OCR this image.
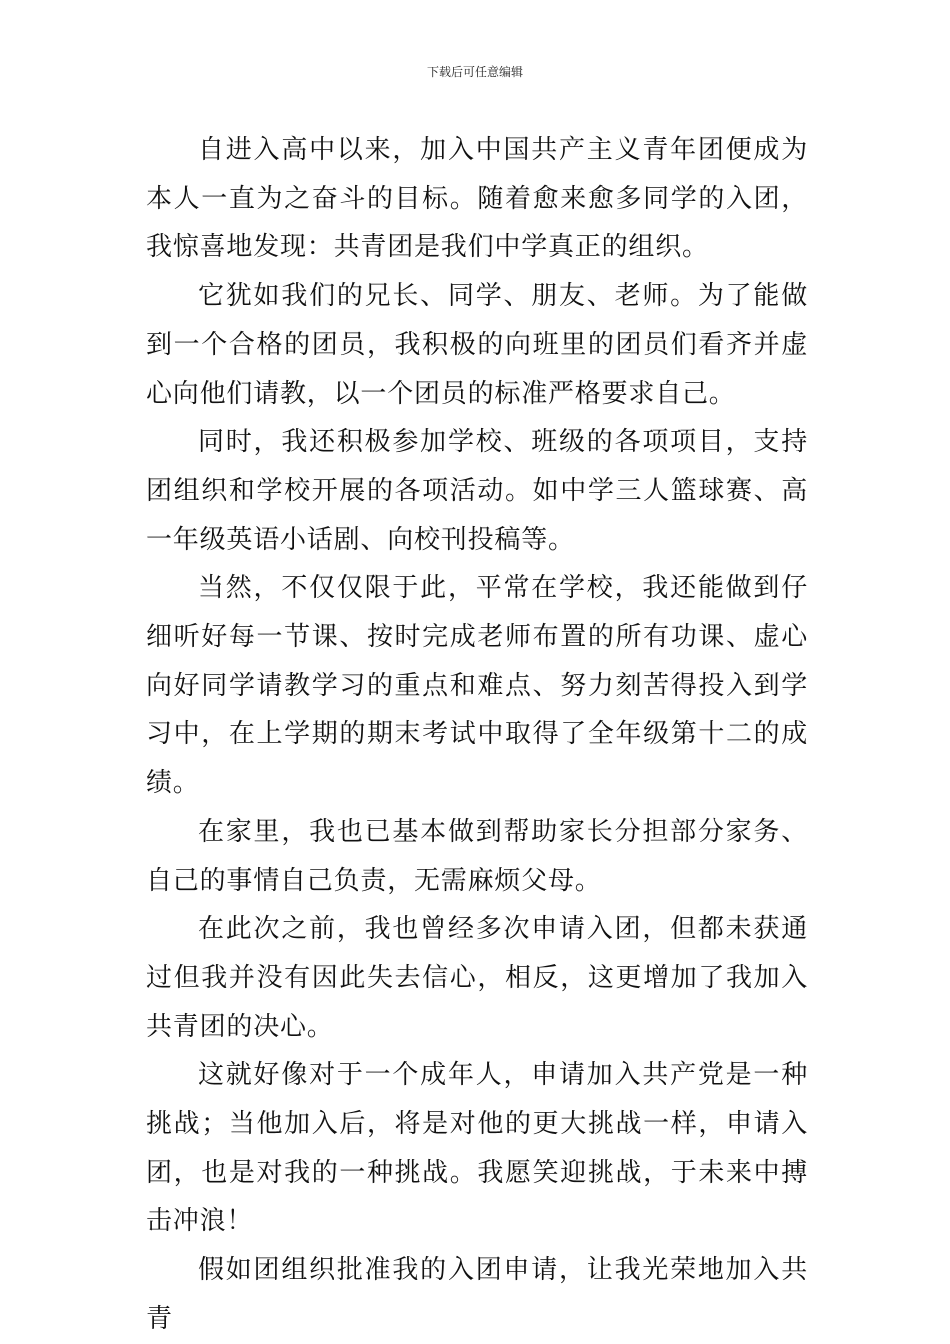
下载后可任意编辑

自进入高中以来，加入中国共产主义青年团便成为本人一直为之奋斗的目标。随着愈来愈多同学的入团，我惊喜地发现：共青团是我们中学真正的组织。

它犹如我们的兄长、同学、朋友、老师。为了能做到一个合格的团员，我积极的向班里的团员们看齐并虚心向他们请教，以一个团员的标准严格要求自己。

同时，我还积极参加学校、班级的各项项目，支持团组织和学校开展的各项活动。如中学三人篮球赛、高一年级英语小话剧、向校刊投稿等。

当然，不仅仅限于此，平常在学校，我还能做到仔细听好每一节课、按时完成老师布置的所有功课、虚心向好同学请教学习的重点和难点、努力刻苦得投入到学习中，在上学期的期末考试中取得了全年级第十二的成绩。

在家里，我也已基本做到帮助家长分担部分家务、自己的事情自己负责，无需麻烦父母。

在此次之前，我也曾经多次申请入团，但都未获通过但我并没有因此失去信心，相反，这更增加了我加入共青团的决心。

这就好像对于一个成年人，申请加入共产党是一种挑战；当他加入后，将是对他的更大挑战一样，申请入团，也是对我的一种挑战。我愿笑迎挑战，于未来中搏击冲浪！

假如团组织批准我的入团申请，让我光荣地加入共青
